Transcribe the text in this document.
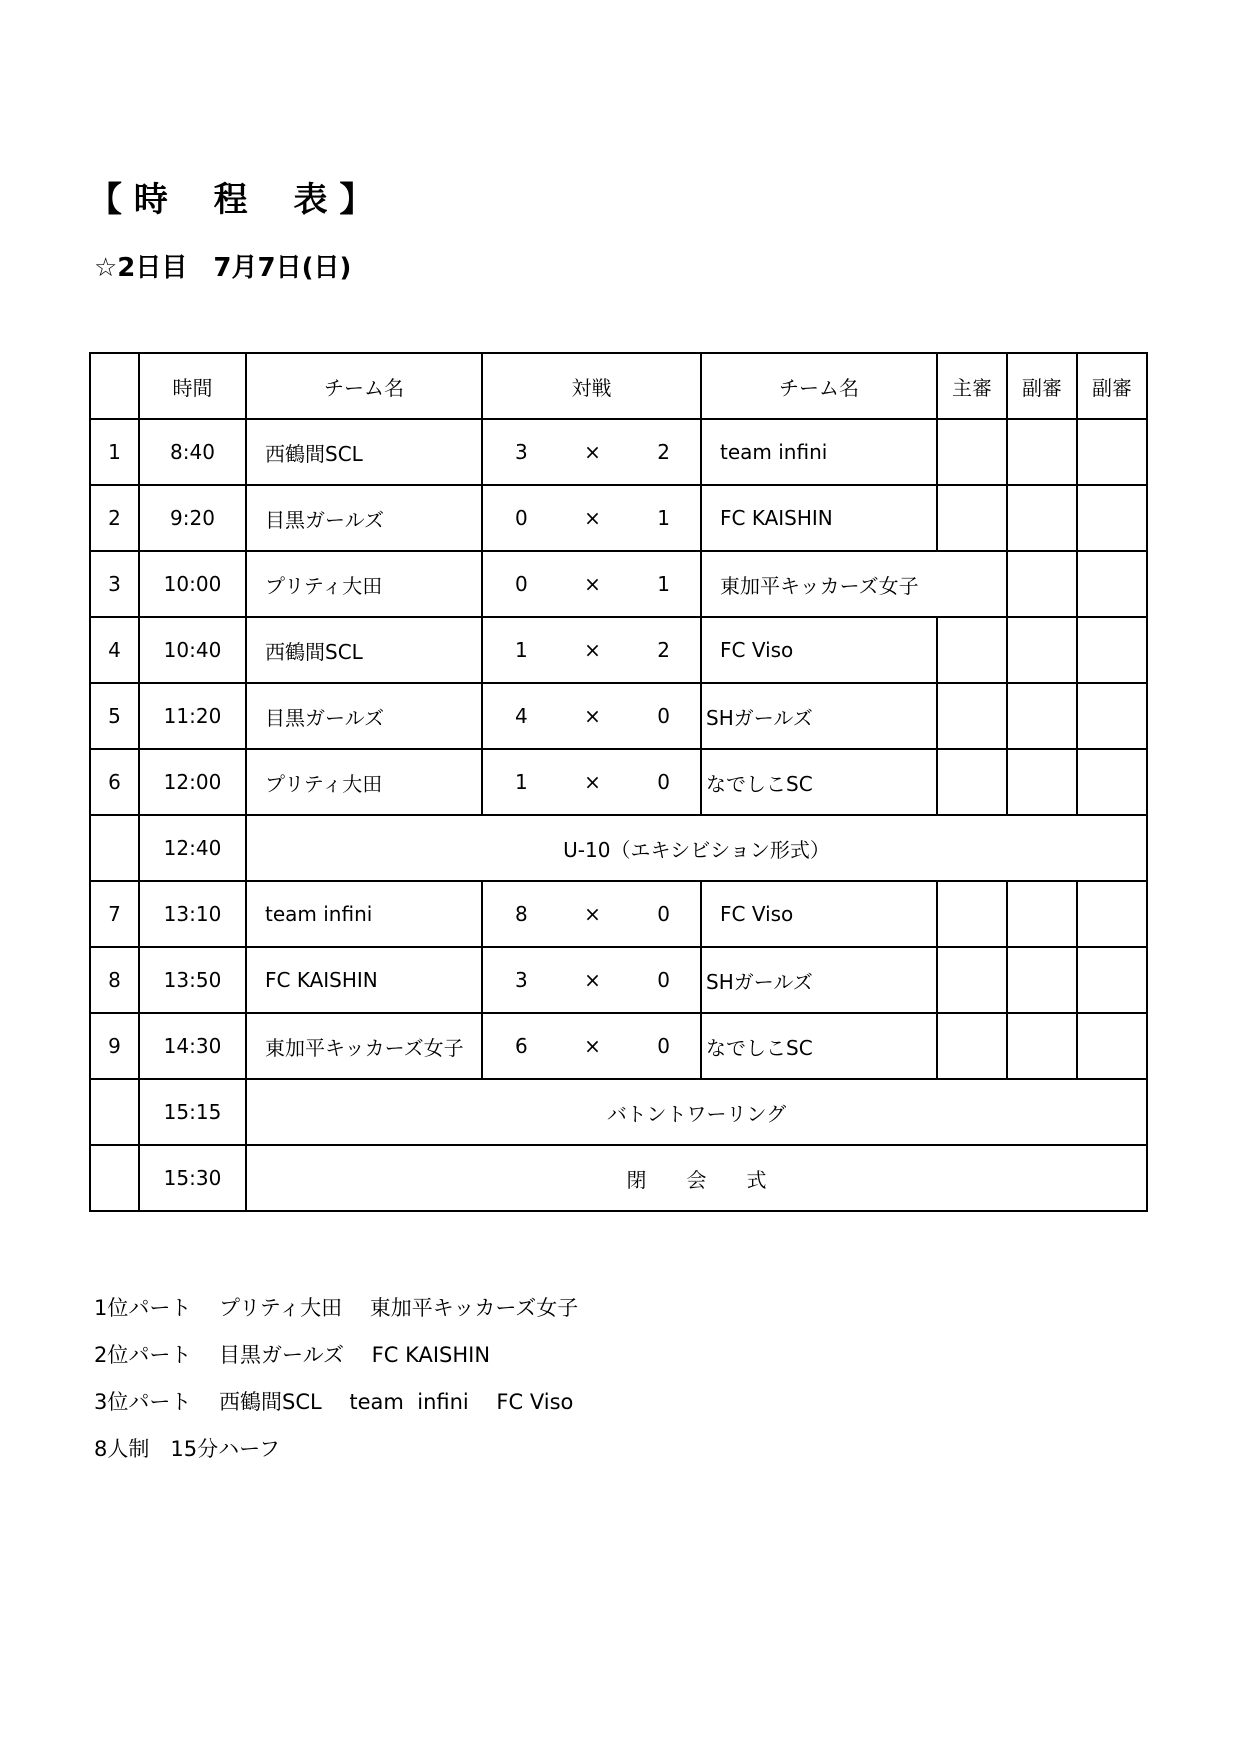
【 時　 程　 表 】
☆2日目　7月7日(日)
	時間	チーム名	対戦	チーム名	主審	副審	副審
1	8:40	西鶴間SCL	3 × 2	team infini			
2	9:20	目黒ガールズ	0 × 1	FC KAISHIN			
3	10:00	プリティ大田	0 × 1	東加平キッカーズ女子			
4	10:40	西鶴間SCL	1 × 2	FC Viso			
5	11:20	目黒ガールズ	4 × 0	SHガールズ			
6	12:00	プリティ大田	1 × 0	なでしこSC			
	12:40	U-10（エキシビション形式）					
7	13:10	team infini	8 × 0	FC Viso			
8	13:50	FC KAISHIN	3 × 0	SHガールズ			
9	14:30	東加平キッカーズ女子	6 × 0	なでしこSC			
	15:15	バトントワーリング					
	15:30	閉　　会　　式					
1位パート　 プリティ大田　 東加平キッカーズ女子
2位パート　 目黒ガールズ　 FC KAISHIN
3位パート　 西鶴間SCL　 team  infini　 FC Viso
8人制　15分ハーフ
